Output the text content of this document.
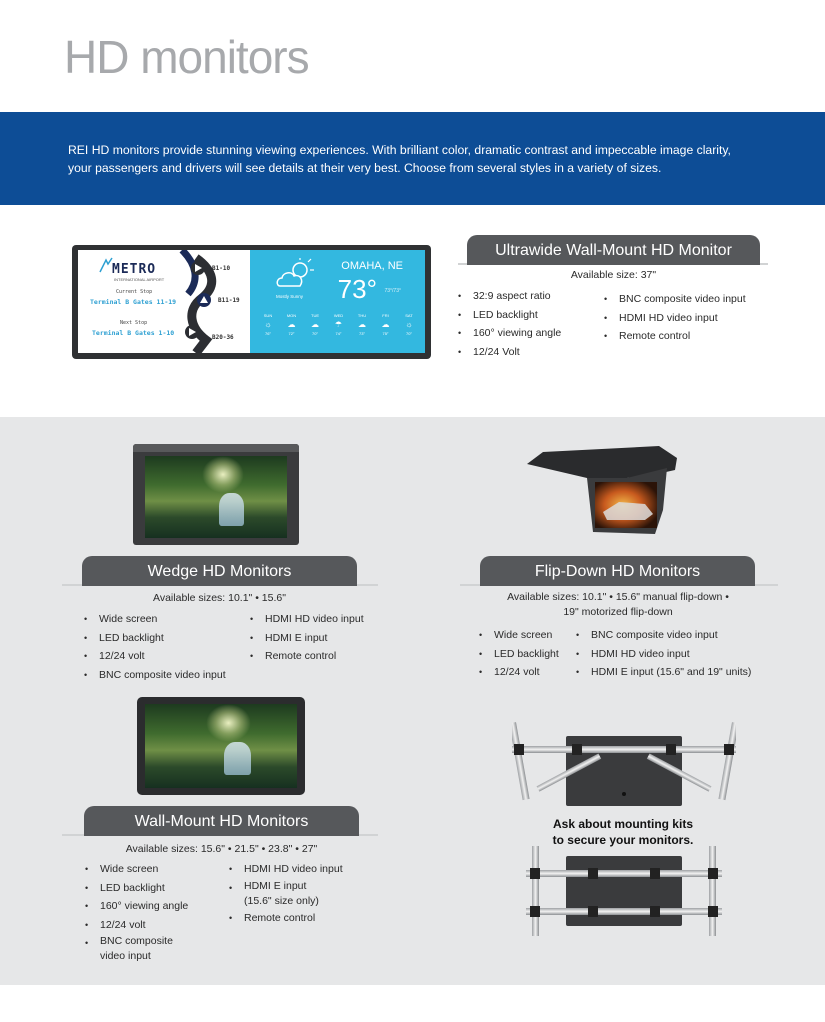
HD monitors

REI HD monitors provide stunning viewing experiences. With brilliant color, dramatic contrast and impeccable image clarity, your passengers and drivers will see details at their very best. Choose from several styles in a variety of sizes.

METRO
INTERNATIONAL AIRPORT
Current Stop
Terminal B Gates 11-19
Next Stop
Terminal B Gates 1-10
B1-10
B11-19
B20-36
Mostly Sunny
OMAHA, NE
73° 73°/73°
SUN
☼
76°
MON
☁
72°
TUE
☁
70°
WED
☂
74°
THU
☁
73°
FRI
☁
75°
SAT
☼
70°
Ultrawide Wall-Mount HD Monitor
Available size: 37"
• 32:9 aspect ratio
• LED backlight
• 160° viewing angle
• 12/24 Volt
• BNC composite video input
• HDMI HD video input
• Remote control
Wedge HD Monitors
Available sizes: 10.1" • 15.6"
• Wide screen
• LED backlight
• 12/24 volt
• BNC composite video input
• HDMI HD video input
• HDMI E input
• Remote control
Flip-Down HD Monitors
Available sizes: 10.1" • 15.6" manual flip-down •
19" motorized flip-down
• Wide screen
• LED backlight
• 12/24 volt
• BNC composite video input
• HDMI HD video input
• HDMI E input (15.6" and 19" units)
Wall-Mount HD Monitors
Available sizes: 15.6" • 21.5" • 23.8" • 27"
• Wide screen
• LED backlight
• 160° viewing angle
• 12/24 volt
• BNC composite
video input
• HDMI HD video input
• HDMI E input
(15.6" size only)
• Remote control
Ask about mounting kits
to secure your monitors.
